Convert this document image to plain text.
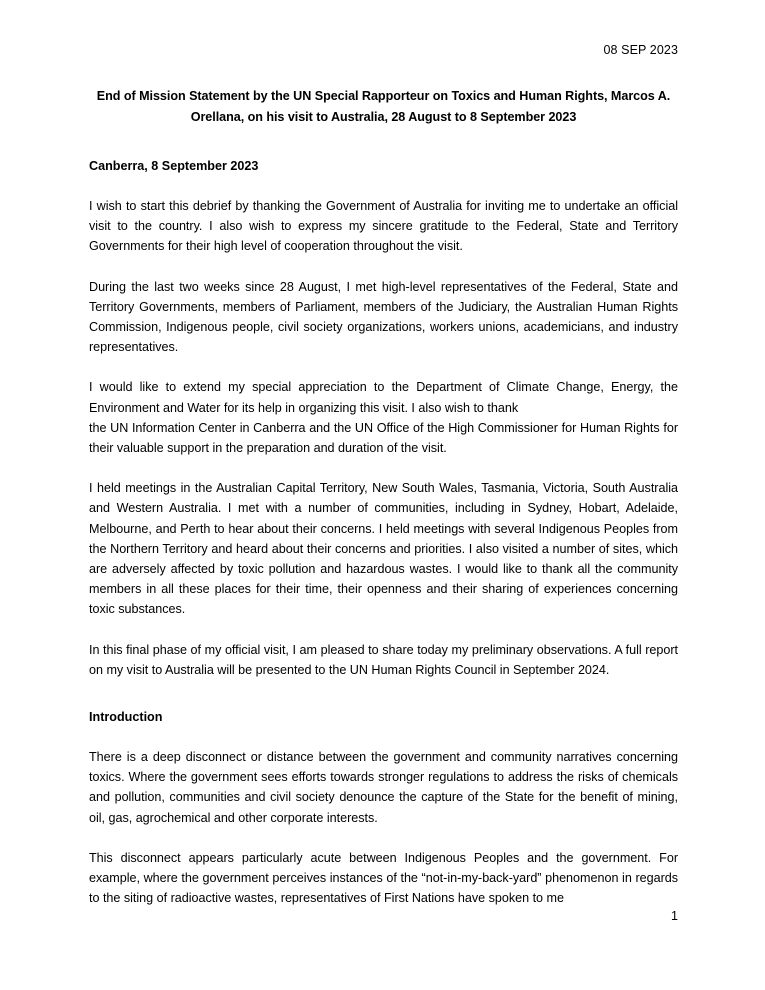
08 SEP 2023
End of Mission Statement by the UN Special Rapporteur on Toxics and Human Rights, Marcos A. Orellana, on his visit to Australia, 28 August to 8 September 2023
Canberra, 8 September 2023

I wish to start this debrief by thanking the Government of Australia for inviting me to undertake an official visit to the country. I also wish to express my sincere gratitude to the Federal, State and Territory Governments for their high level of cooperation throughout the visit.

During the last two weeks since 28 August, I met high-level representatives of the Federal, State and Territory Governments, members of Parliament, members of the Judiciary, the Australian Human Rights Commission, Indigenous people, civil society organizations, workers unions, academicians, and industry representatives.

I would like to extend my special appreciation to the Department of Climate Change, Energy, the Environment and Water for its help in organizing this visit. I also wish to thank
the UN Information Center in Canberra and the UN Office of the High Commissioner for Human Rights for their valuable support in the preparation and duration of the visit.

I held meetings in the Australian Capital Territory, New South Wales, Tasmania, Victoria, South Australia and Western Australia. I met with a number of communities, including in Sydney, Hobart, Adelaide, Melbourne, and Perth to hear about their concerns. I held meetings with several Indigenous Peoples from the Northern Territory and heard about their concerns and priorities. I also visited a number of sites, which are adversely affected by toxic pollution and hazardous wastes. I would like to thank all the community members in all these places for their time, their openness and their sharing of experiences concerning toxic substances.

In this final phase of my official visit, I am pleased to share today my preliminary observations. A full report on my visit to Australia will be presented to the UN Human Rights Council in September 2024.

Introduction

There is a deep disconnect or distance between the government and community narratives concerning toxics. Where the government sees efforts towards stronger regulations to address the risks of chemicals and pollution, communities and civil society denounce the capture of the State for the benefit of mining, oil, gas, agrochemical and other corporate interests.

This disconnect appears particularly acute between Indigenous Peoples and the government. For example, where the government perceives instances of the “not-in-my-back-yard” phenomenon in regards to the siting of radioactive wastes, representatives of First Nations have spoken to me

1
